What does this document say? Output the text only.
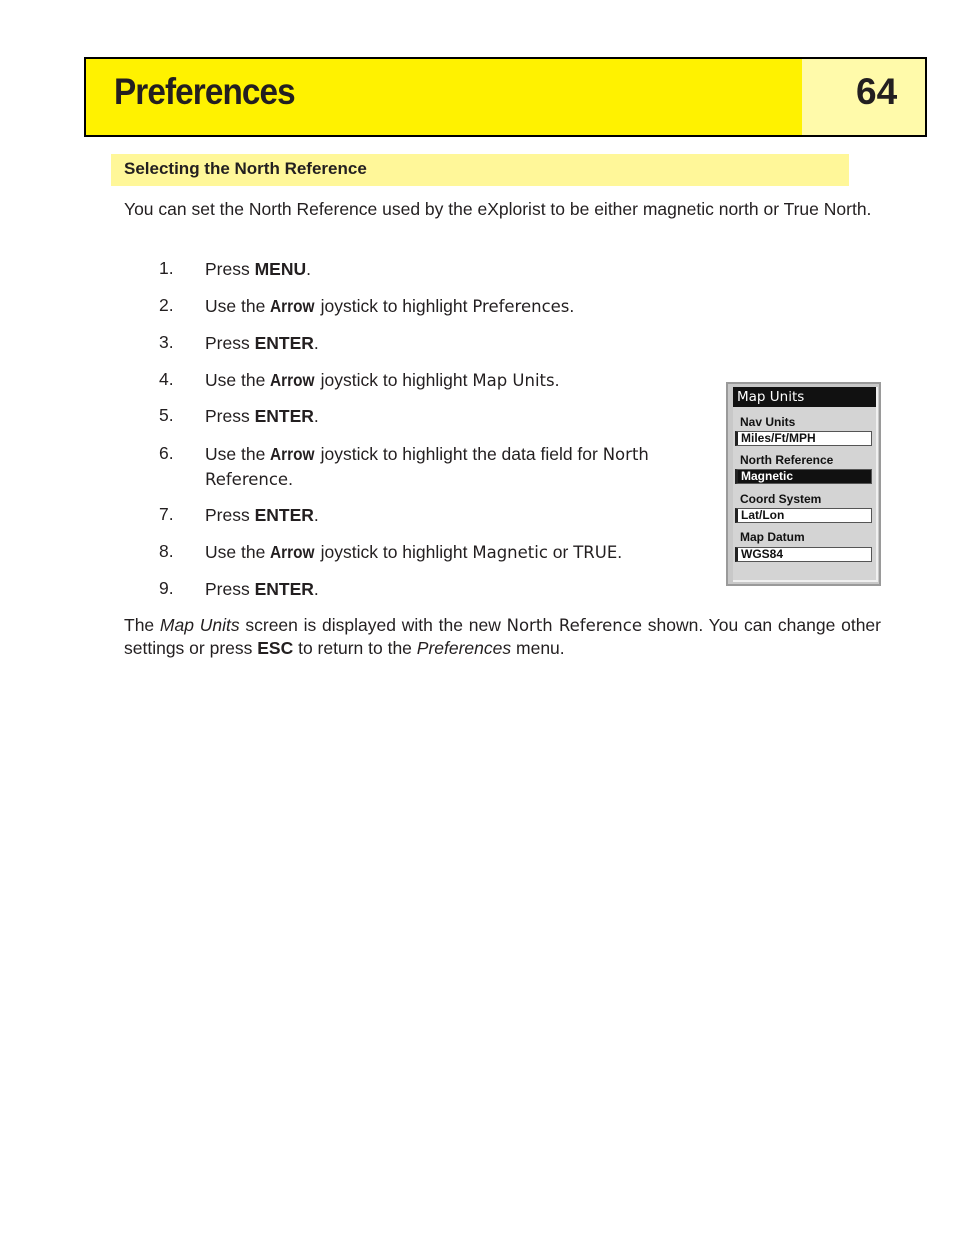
Preferences	64
Selecting the North Reference
You can set the North Reference used by the eXplorist to be either magnetic north or True North.
1. Press MENU.
2. Use the Arrow joystick to highlight Preferences.
3. Press ENTER.
4. Use the Arrow joystick to highlight Map Units.
5. Press ENTER.
6. Use the Arrow joystick to highlight the data field for North Reference.
7. Press ENTER.
8. Use the Arrow joystick to highlight Magnetic or TRUE.
9. Press ENTER.
The Map Units screen is displayed with the new North Reference shown. You can change other settings or press ESC to return to the Preferences menu.
Map Units
Nav Units
Miles/Ft/MPH
North Reference
Magnetic
Coord System
Lat/Lon
Map Datum
WGS84
